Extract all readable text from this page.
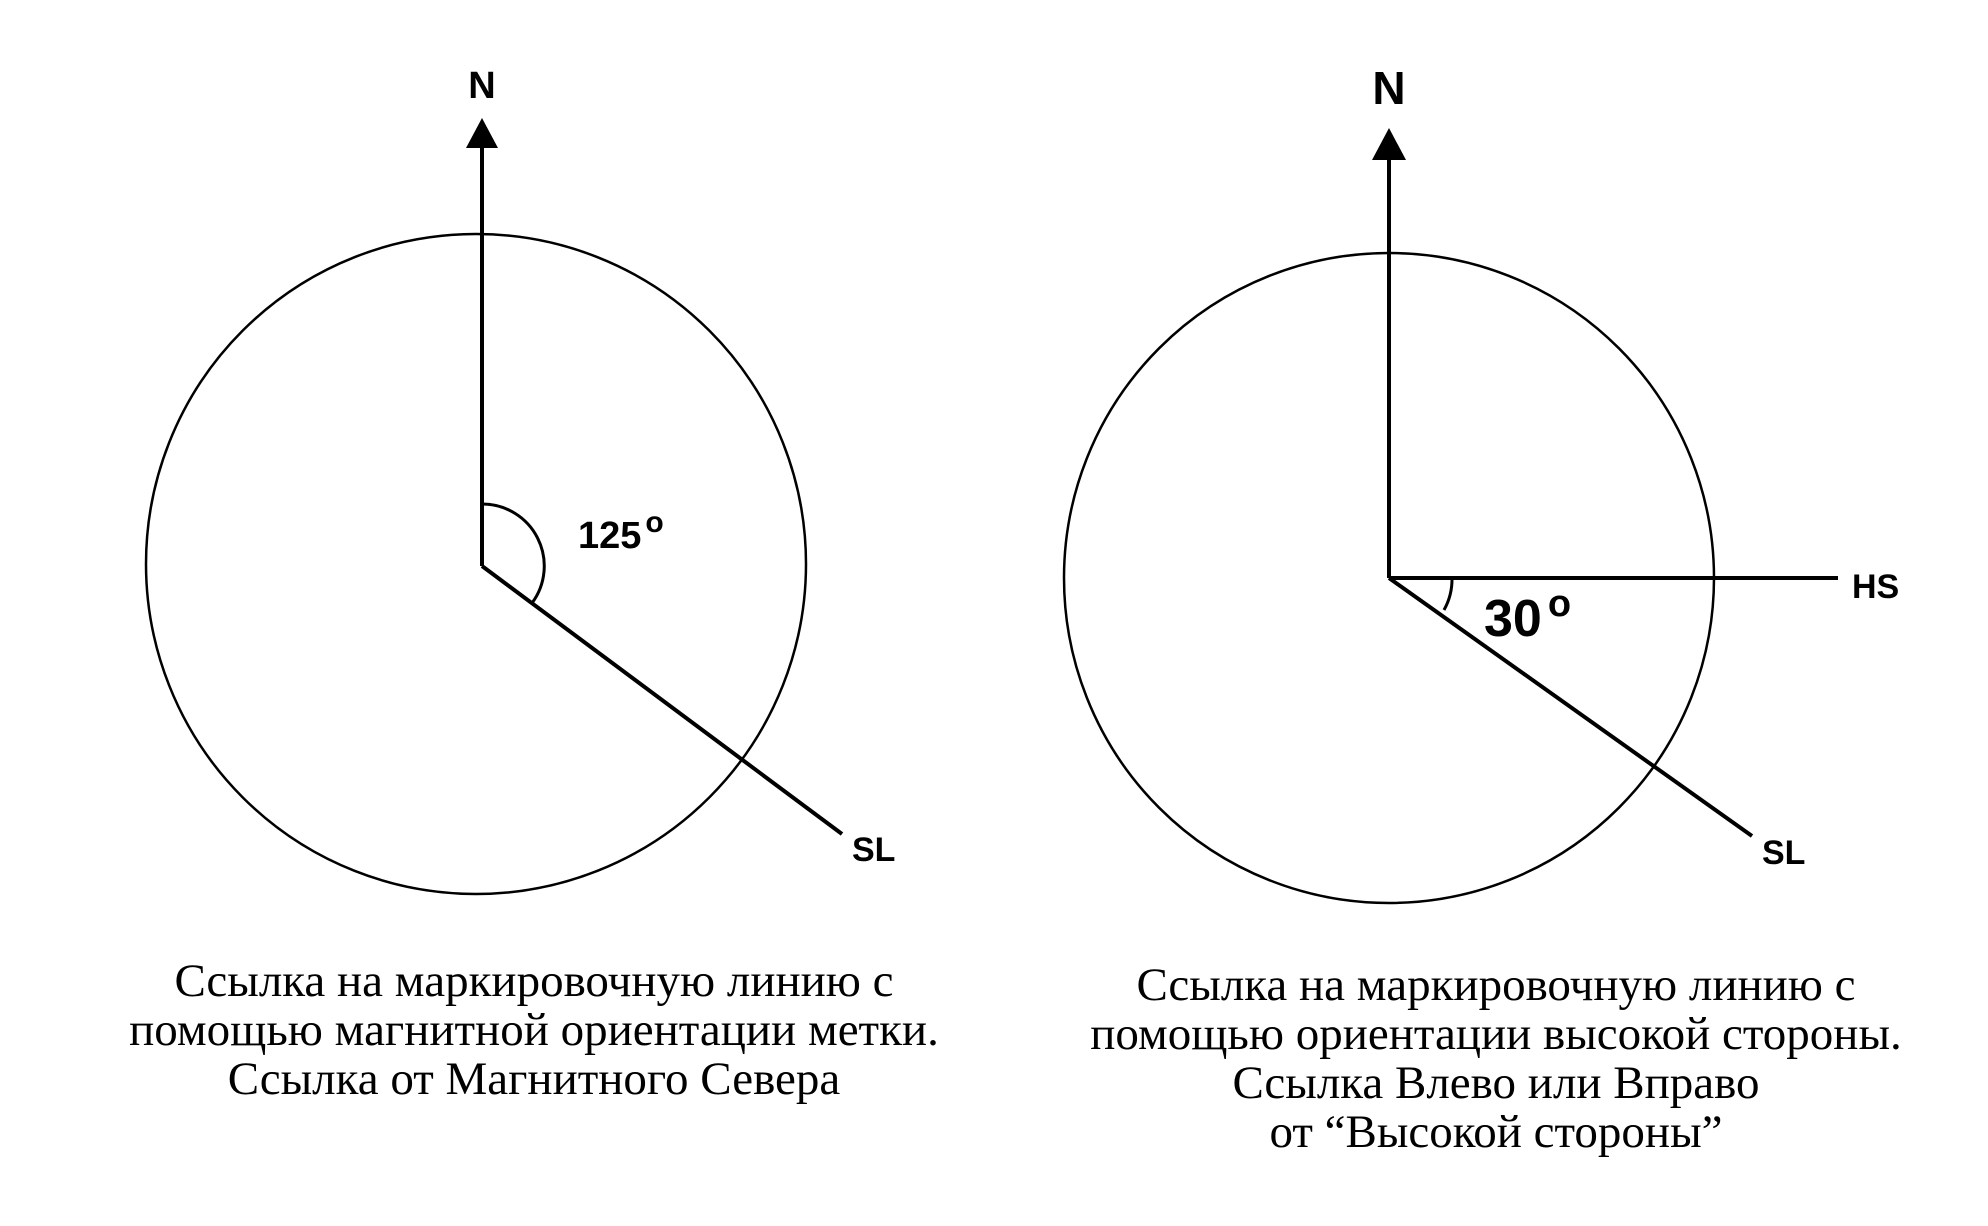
N
SL
125 $^o$
N
HS
SL
30 $^o$
Ссылка на маркировочную линию с
помощью магнитной ориентации метки.
Ссылка от Магнитного Севера
Ссылка на маркировочную линию с
помощью ориентации высокой стороны.
Ссылка Влево или Вправо
от “Высокой стороны”
